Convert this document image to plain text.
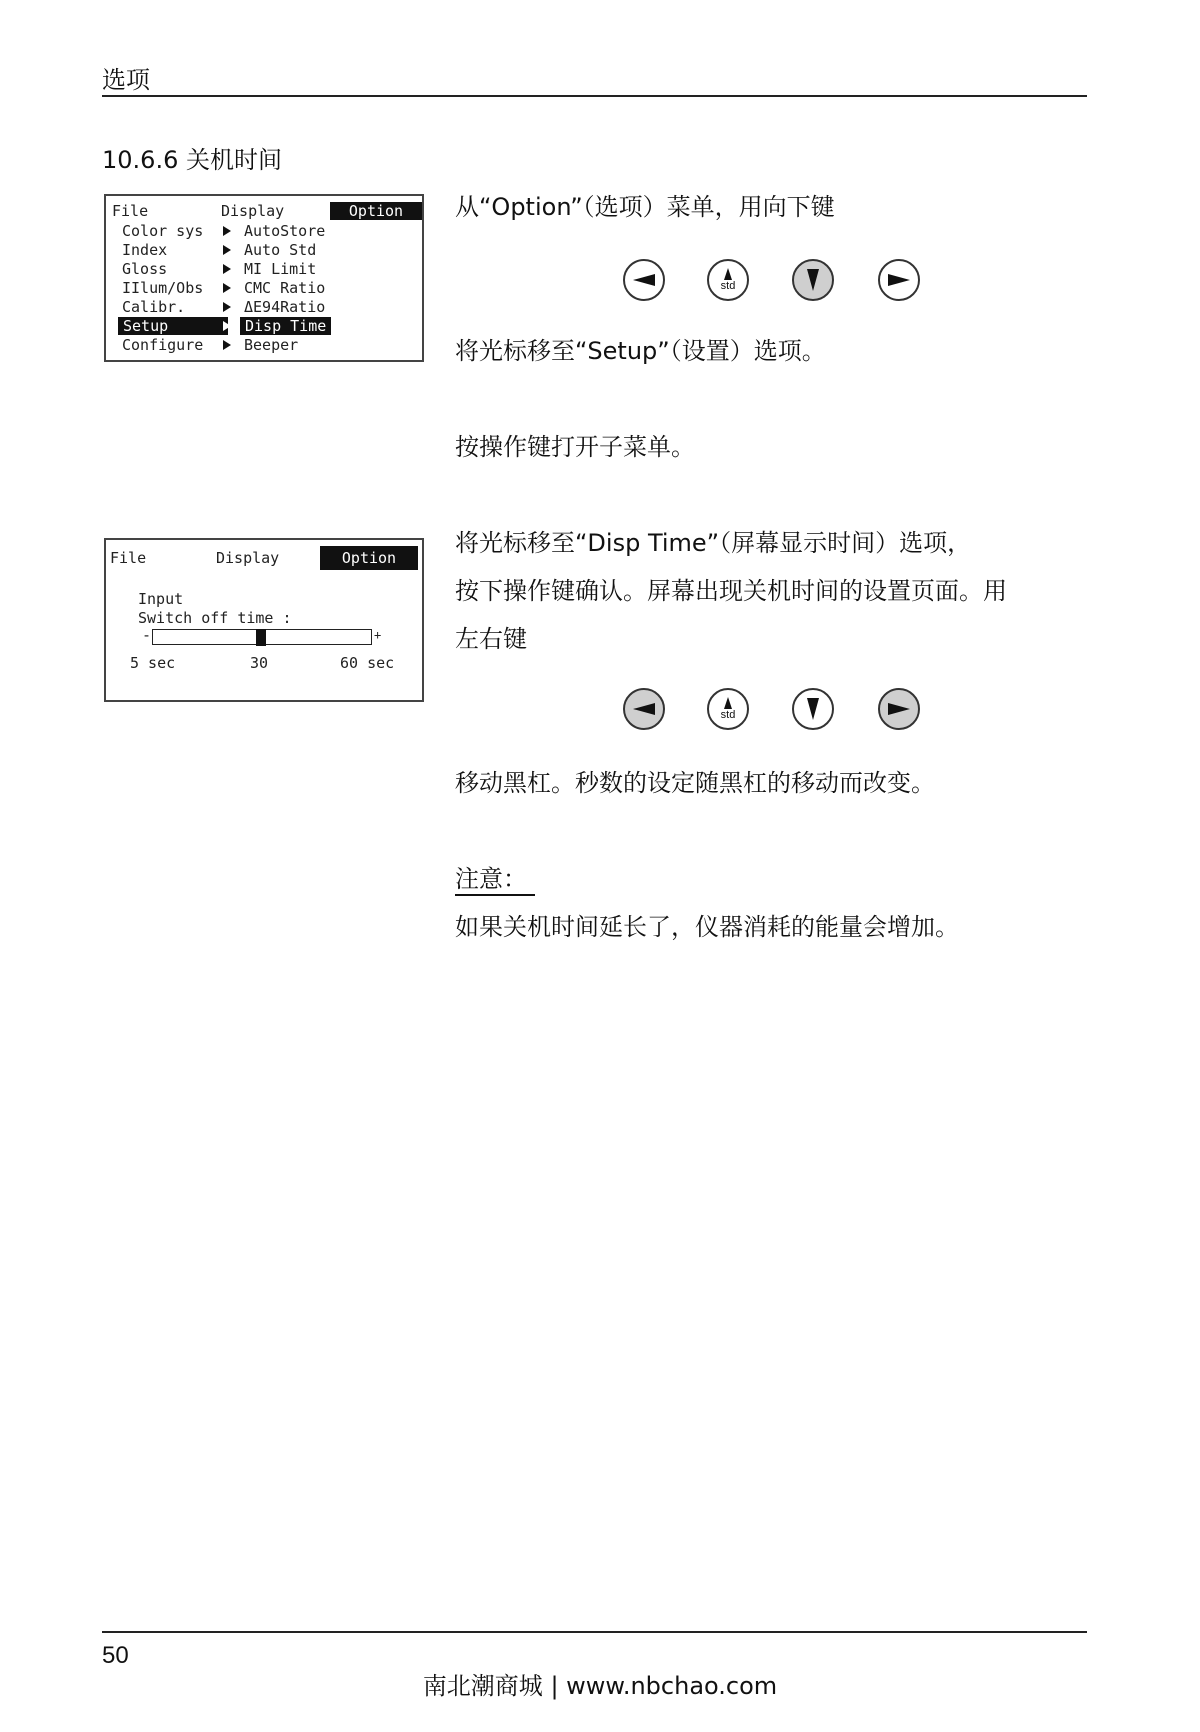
选项
10.6.6 关机时间
File	Display	Option
Color sys
Index
Gloss
IIlum/Obs
Calibr.
Setup
Configure
AutoStore
Auto Std
MI Limit
CMC Ratio
ΔE94Ratio
Disp Time
Beeper
File	Display	Option
Input
Switch off time :
-	+
5 sec	30	60 sec
从“Option”（选项）菜单，用向下键
std
将光标移至“Setup”（设置）选项。
按操作键打开子菜单。
将光标移至“Disp Time”（屏幕显示时间）选项，
按下操作键确认。屏幕出现关机时间的设置页面。用
左右键
std
移动黑杠。秒数的设定随黑杠的移动而改变。
注意：
如果关机时间延长了，仪器消耗的能量会增加。
50
南北潮商城 | www.nbchao.com
